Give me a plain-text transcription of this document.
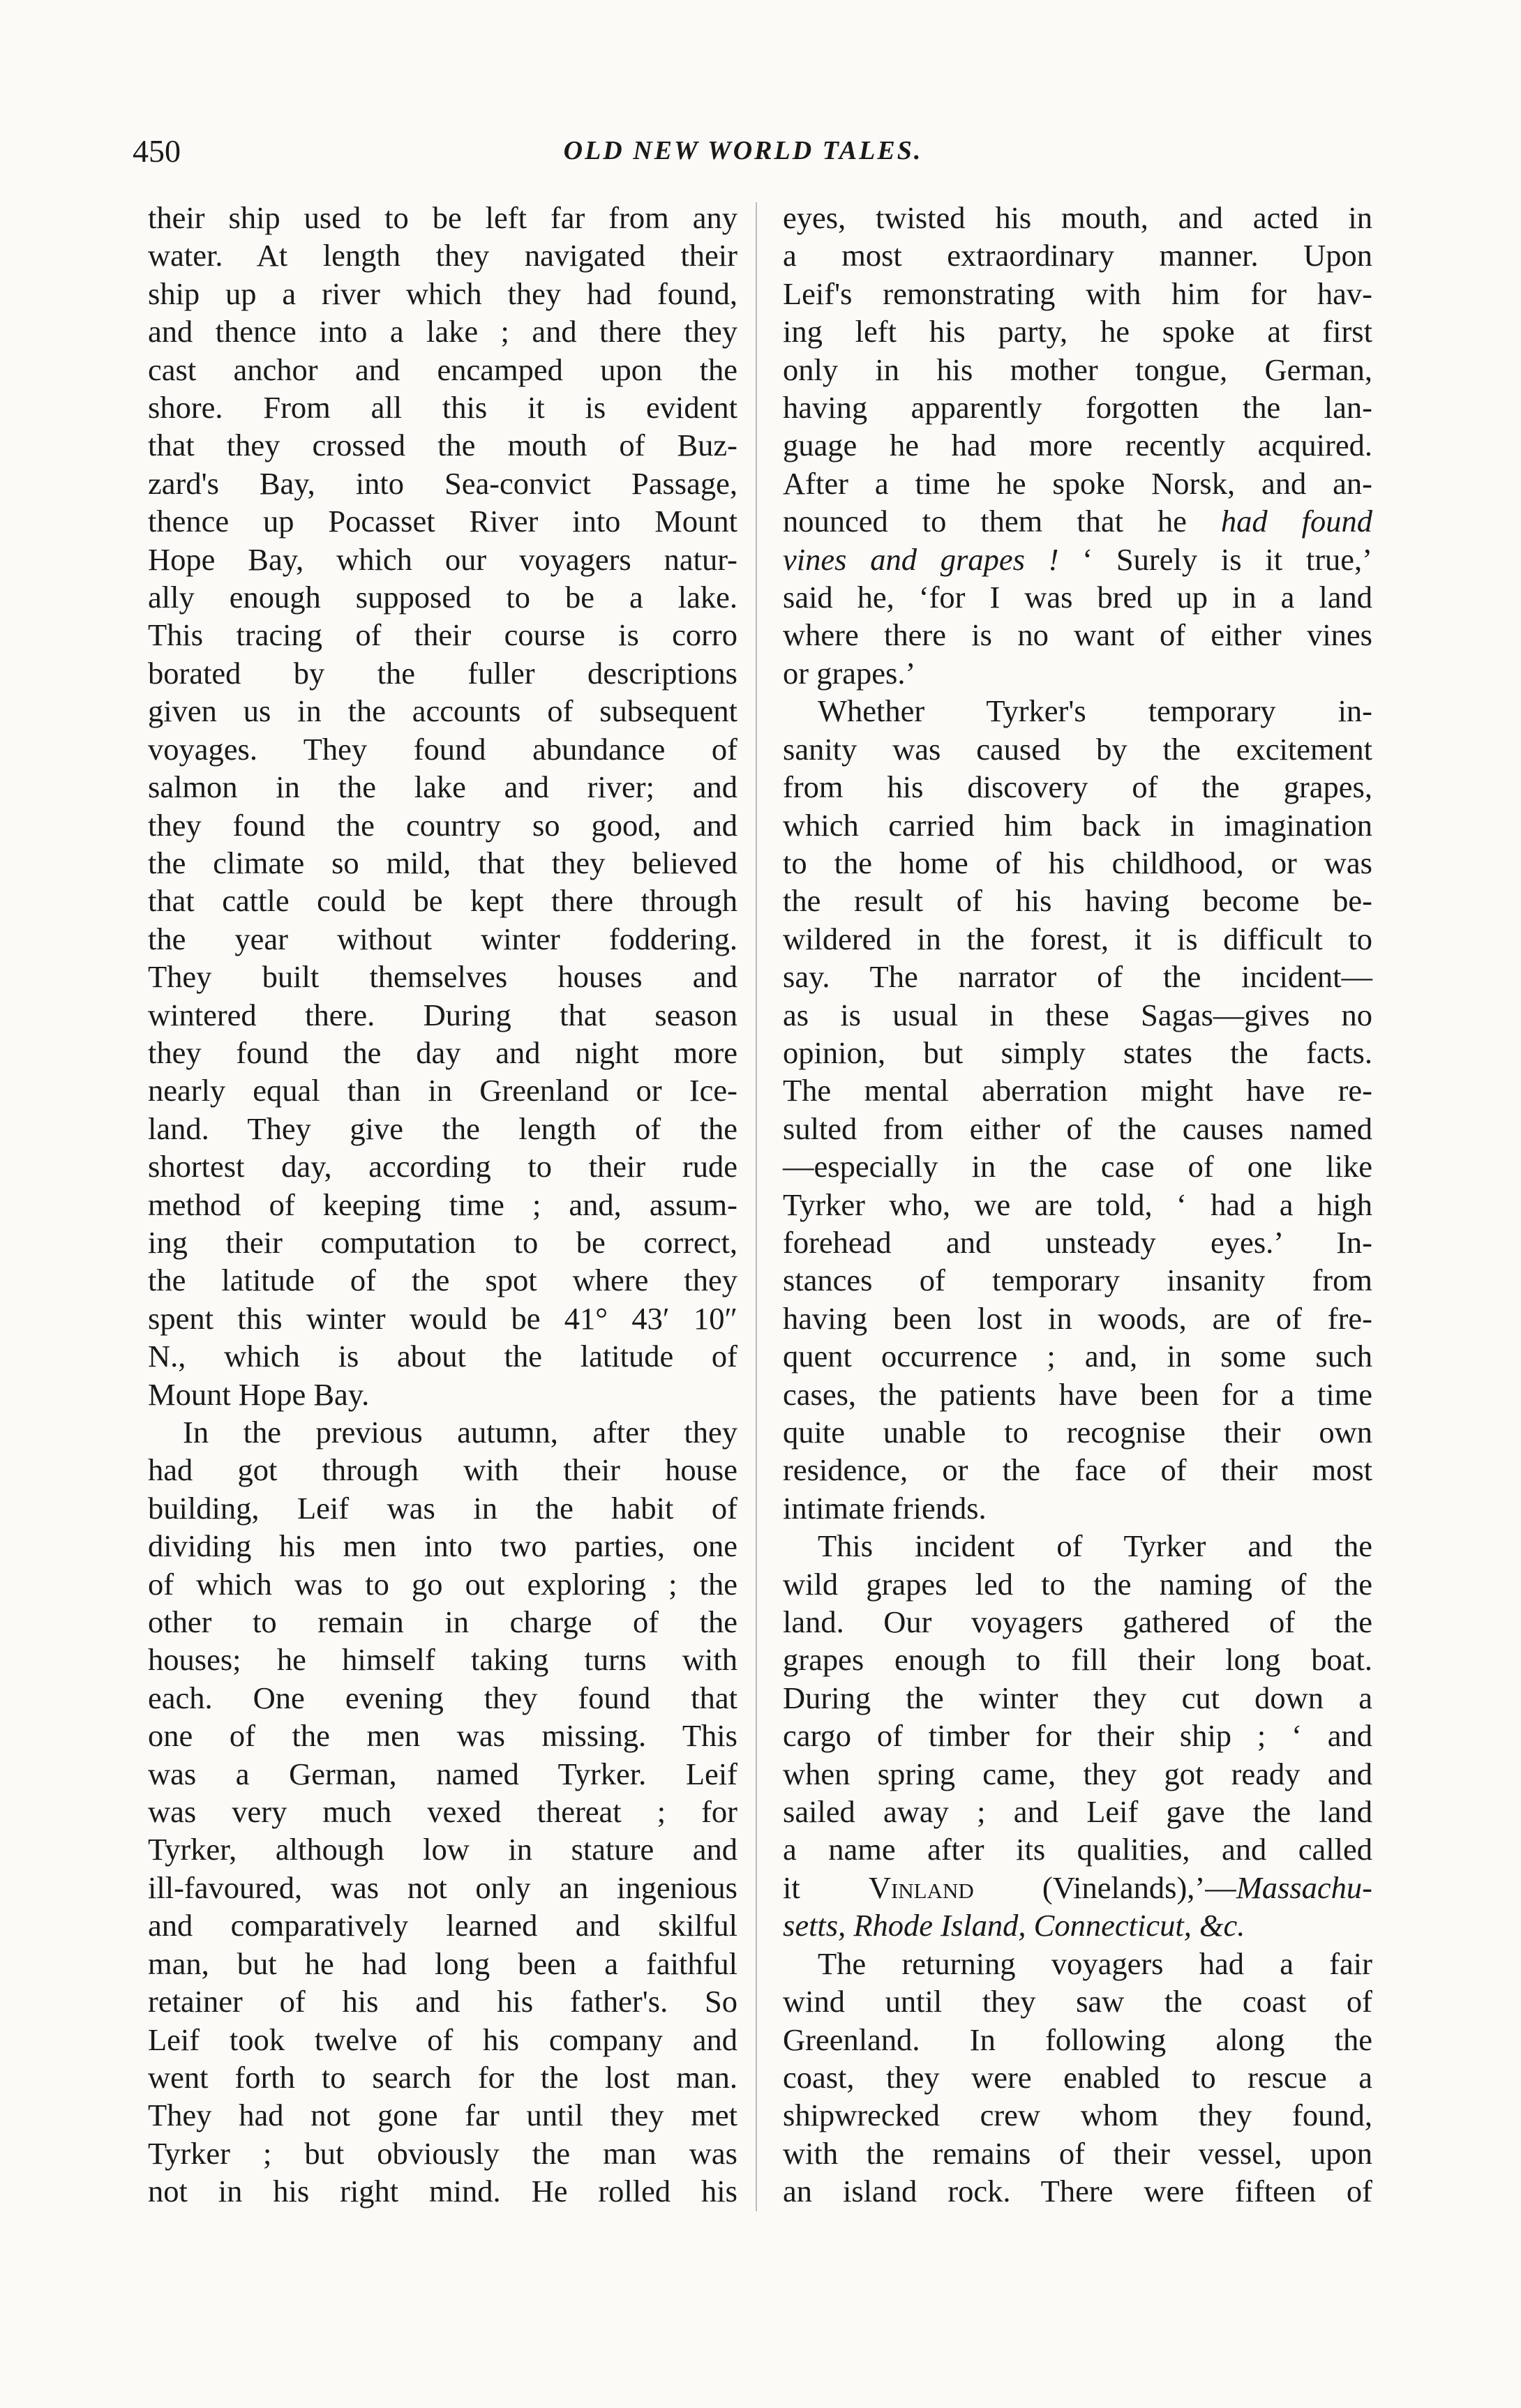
450	OLD NEW WORLD TALES.
their ship used to be left far from any
water. At length they navigated their
ship up a river which they had found,
and thence into a lake ; and there they
cast anchor and encamped upon the
shore. From all this it is evident
that they crossed the mouth of Buz-
zard's Bay, into Sea-convict Passage,
thence up Pocasset River into Mount
Hope Bay, which our voyagers natur-
ally enough supposed to be a lake.
This tracing of their course is corro
borated by the fuller descriptions
given us in the accounts of subsequent
voyages. They found abundance of
salmon in the lake and river; and
they found the country so good, and
the climate so mild, that they believed
that cattle could be kept there through
the year without winter foddering.
They built themselves houses and
wintered there. During that season
they found the day and night more
nearly equal than in Greenland or Ice-
land. They give the length of the
shortest day, according to their rude
method of keeping time ; and, assum-
ing their computation to be correct,
the latitude of the spot where they
spent this winter would be 41° 43′ 10″
N., which is about the latitude of
Mount Hope Bay.
In the previous autumn, after they
had got through with their house
building, Leif was in the habit of
dividing his men into two parties, one
of which was to go out exploring ; the
other to remain in charge of the
houses; he himself taking turns with
each. One evening they found that
one of the men was missing. This
was a German, named Tyrker. Leif
was very much vexed thereat ; for
Tyrker, although low in stature and
ill-favoured, was not only an ingenious
and comparatively learned and skilful
man, but he had long been a faithful
retainer of his and his father's. So
Leif took twelve of his company and
went forth to search for the lost man.
They had not gone far until they met
Tyrker ; but obviously the man was
not in his right mind. He rolled his
eyes, twisted his mouth, and acted in
a most extraordinary manner. Upon
Leif's remonstrating with him for hav-
ing left his party, he spoke at first
only in his mother tongue, German,
having apparently forgotten the lan-
guage he had more recently acquired.
After a time he spoke Norsk, and an-
nounced to them that he had found
vines and grapes ! ‘ Surely is it true,’
said he, ‘for I was bred up in a land
where there is no want of either vines
or grapes.’
Whether Tyrker's temporary in-
sanity was caused by the excitement
from his discovery of the grapes,
which carried him back in imagination
to the home of his childhood, or was
the result of his having become be-
wildered in the forest, it is difficult to
say. The narrator of the incident—
as is usual in these Sagas—gives no
opinion, but simply states the facts.
The mental aberration might have re-
sulted from either of the causes named
—especially in the case of one like
Tyrker who, we are told, ‘ had a high
forehead and unsteady eyes.’ In-
stances of temporary insanity from
having been lost in woods, are of fre-
quent occurrence ; and, in some such
cases, the patients have been for a time
quite unable to recognise their own
residence, or the face of their most
intimate friends.
This incident of Tyrker and the
wild grapes led to the naming of the
land. Our voyagers gathered of the
grapes enough to fill their long boat.
During the winter they cut down a
cargo of timber for their ship ; ‘ and
when spring came, they got ready and
sailed away ; and Leif gave the land
a name after its qualities, and called
it Vinland (Vinelands),’—Massachu-
setts, Rhode Island, Connecticut, &c.
The returning voyagers had a fair
wind until they saw the coast of
Greenland. In following along the
coast, they were enabled to rescue a
shipwrecked crew whom they found,
with the remains of their vessel, upon
an island rock. There were fifteen of
